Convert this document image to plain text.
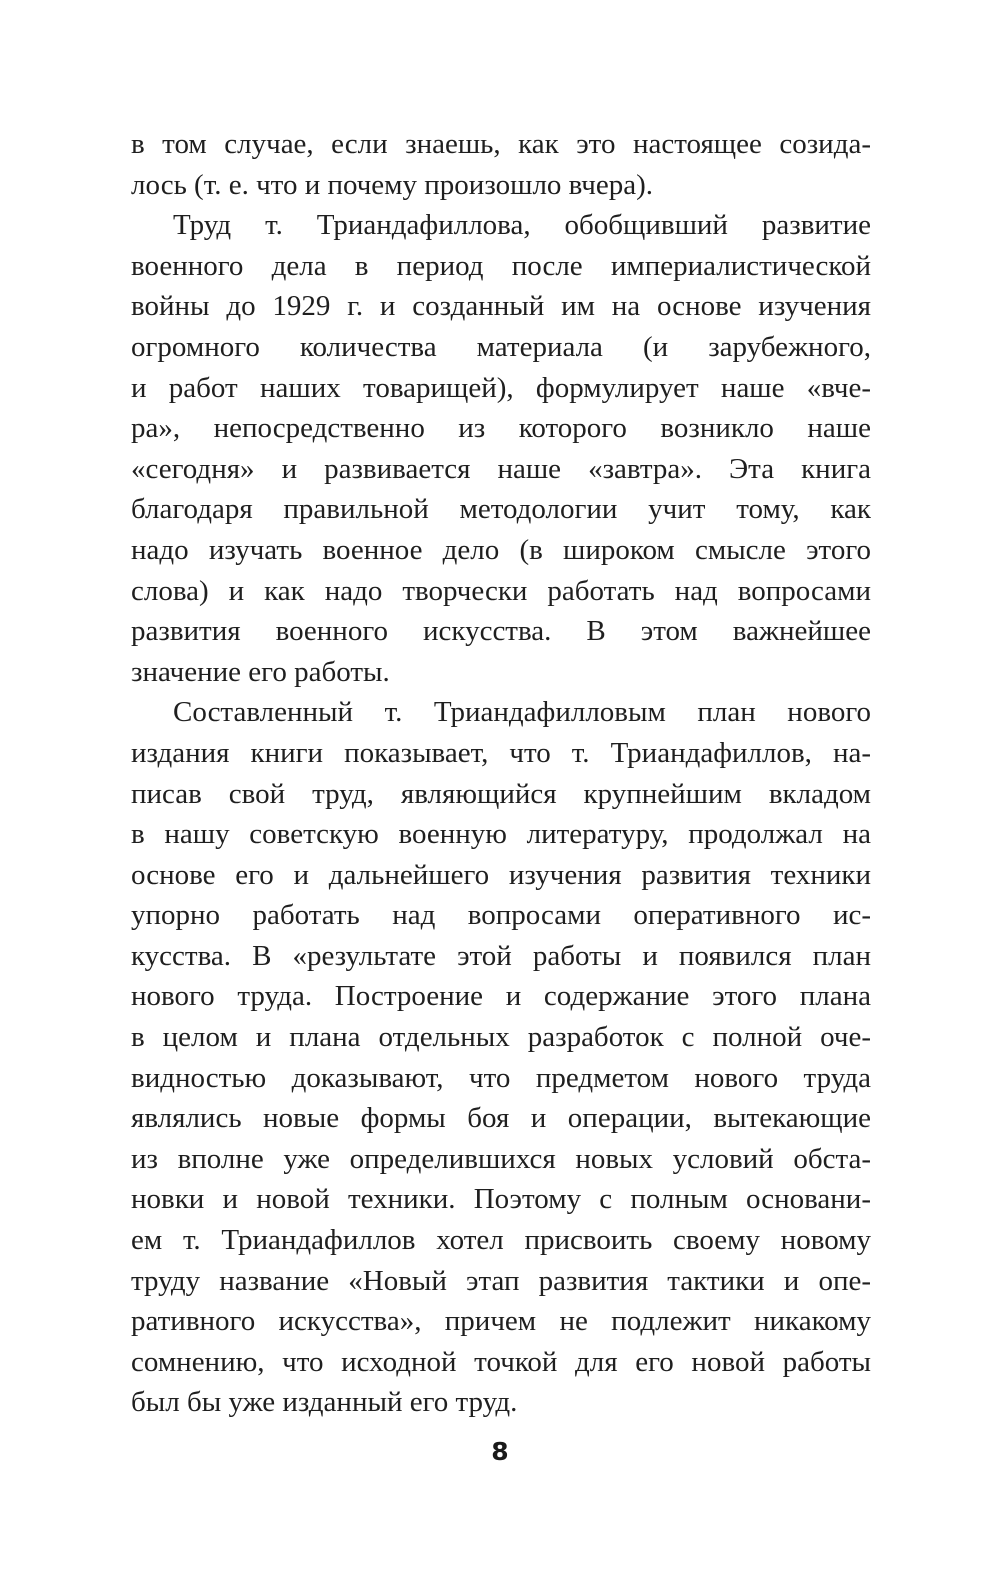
в том случае, если знаешь, как это настоящее созида-
лось (т. е. что и почему произошло вчера).
Труд т. Триандафиллова, обобщивший развитие
военного дела в период после империалистической
войны до 1929 г. и созданный им на основе изучения
огромного количества материала (и зарубежного,
и работ наших товарищей), формулирует наше «вче-
ра», непосредственно из которого возникло наше
«сегодня» и развивается наше «завтра». Эта книга
благодаря правильной методологии учит тому, как
надо изучать военное дело (в широком смысле этого
слова) и как надо творчески работать над вопросами
развития военного искусства. В этом важнейшее
значение его работы.
Составленный т. Триандафилловым план нового
издания книги показывает, что т. Триандафиллов, на-
писав свой труд, являющийся крупнейшим вкладом
в нашу советскую военную литературу, продолжал на
основе его и дальнейшего изучения развития техники
упорно работать над вопросами оперативного ис-
кусства. В «результате этой работы и появился план
нового труда. Построение и содержание этого плана
в целом и плана отдельных разработок с полной оче-
видностью доказывают, что предметом нового труда
являлись новые формы боя и операции, вытекающие
из вполне уже определившихся новых условий обста-
новки и новой техники. Поэтому с полным основани-
ем т. Триандафиллов хотел присвоить своему новому
труду название «Новый этап развития тактики и опе-
ративного искусства», причем не подлежит никакому
сомнению, что исходной точкой для его новой работы
был бы уже изданный его труд.
8
